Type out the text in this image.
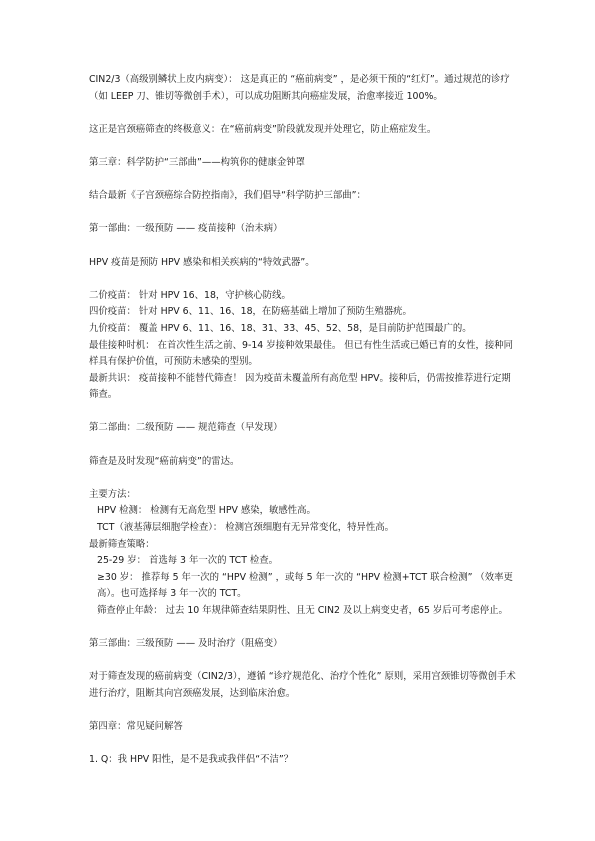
CIN2/3（高级别鳞状上皮内病变）： 这是真正的 “癌前病变” ，是必须干预的“红灯”。通过规范的诊疗（如 LEEP 刀、锥切等微创手术），可以成功阻断其向癌症发展，治愈率接近 100%。

这正是宫颈癌筛查的终极意义：在“癌前病变”阶段就发现并处理它，防止癌症发生。

第三章：科学防护“三部曲”——构筑你的健康金钟罩

结合最新《子宫颈癌综合防控指南》，我们倡导“科学防护三部曲”：

第一部曲：一级预防 —— 疫苗接种（治未病）

HPV 疫苗是预防 HPV 感染和相关疾病的“特效武器”。

二价疫苗： 针对 HPV 16、18，守护核心防线。

四价疫苗： 针对 HPV 6、11、16、18，在防癌基础上增加了预防生殖器疣。

九价疫苗： 覆盖 HPV 6、11、16、18、31、33、45、52、58，是目前防护范围最广的。

最佳接种时机： 在首次性生活之前、9-14 岁接种效果最佳。 但已有性生活或已婚已育的女性，接种同样具有保护价值，可预防未感染的型别。

最新共识： 疫苗接种不能替代筛查！ 因为疫苗未覆盖所有高危型 HPV。接种后，仍需按推荐进行定期筛查。

第二部曲：二级预防 —— 规范筛查（早发现）

筛查是及时发现“癌前病变”的雷达。

主要方法：

HPV 检测： 检测有无高危型 HPV 感染，敏感性高。

TCT（液基薄层细胞学检查）： 检测宫颈细胞有无异常变化，特异性高。

最新筛查策略：

25-29 岁： 首选每 3 年一次的 TCT 检查。

≥30 岁： 推荐每 5 年一次的 “HPV 检测” ，或每 5 年一次的 “HPV 检测+TCT 联合检测” （效率更高）。也可选择每 3 年一次的 TCT。

筛查停止年龄： 过去 10 年规律筛查结果阴性、且无 CIN2 及以上病变史者，65 岁后可考虑停止。

第三部曲：三级预防 —— 及时治疗（阻癌变）

对于筛查发现的癌前病变（CIN2/3），遵循 “诊疗规范化、治疗个性化” 原则，采用宫颈锥切等微创手术进行治疗，阻断其向宫颈癌发展，达到临床治愈。

第四章：常见疑问解答

1. Q：我 HPV 阳性，是不是我或我伴侣“不洁”？
